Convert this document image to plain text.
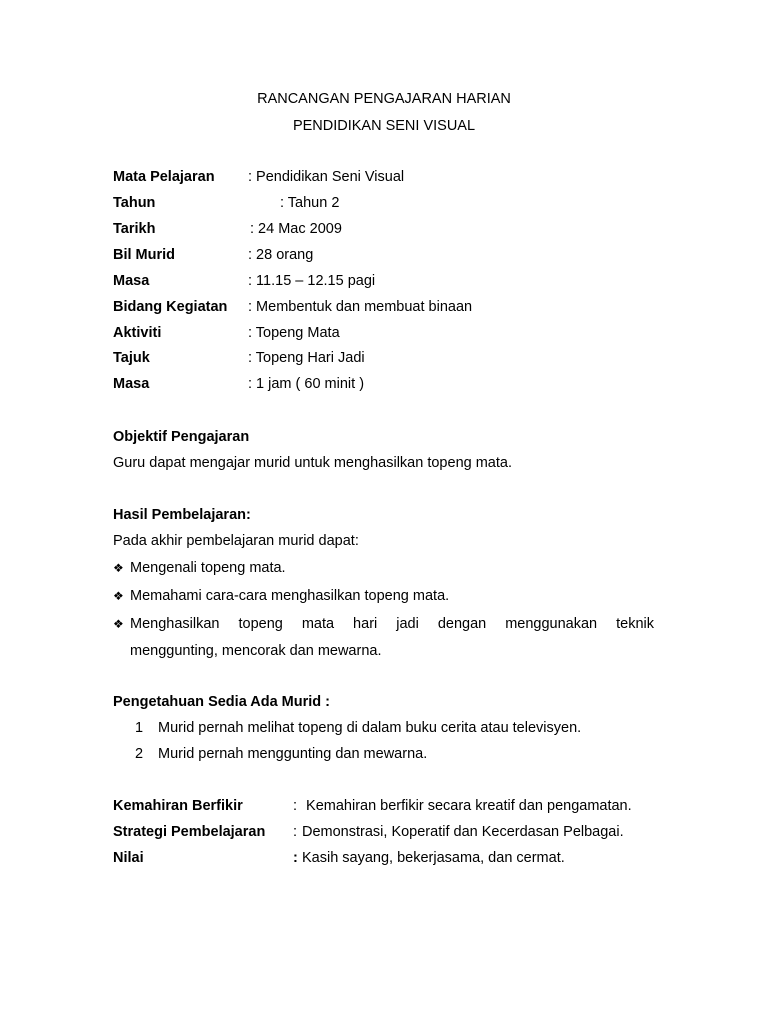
RANCANGAN PENGAJARAN HARIAN
PENDIDIKAN SENI VISUAL
Mata Pelajaran : Pendidikan Seni Visual
Tahun	: Tahun 2
Tarikh	: 24 Mac 2009
Bil Murid	: 28 orang
Masa	: 11.15 – 12.15 pagi
Bidang Kegiatan : Membentuk dan membuat binaan
Aktiviti	: Topeng Mata
Tajuk	: Topeng Hari Jadi
Masa	: 1 jam ( 60 minit )
Objektif Pengajaran
Guru dapat mengajar murid untuk menghasilkan topeng mata.
Hasil Pembelajaran:
Pada akhir pembelajaran murid dapat:
❖ Mengenali topeng mata.
❖ Memahami cara-cara menghasilkan topeng mata.
❖ Menghasilkan topeng mata hari jadi dengan menggunakan teknik
menggunting, mencorak dan mewarna.
Pengetahuan Sedia Ada Murid :
1 Murid pernah melihat topeng di dalam buku cerita atau televisyen.
2 Murid pernah menggunting dan mewarna.
Kemahiran Berfikir	: Kemahiran berfikir secara kreatif dan pengamatan.
Strategi Pembelajaran : Demonstrasi, Koperatif dan Kecerdasan Pelbagai.
Nilai	: Kasih sayang, bekerjasama, dan cermat.
